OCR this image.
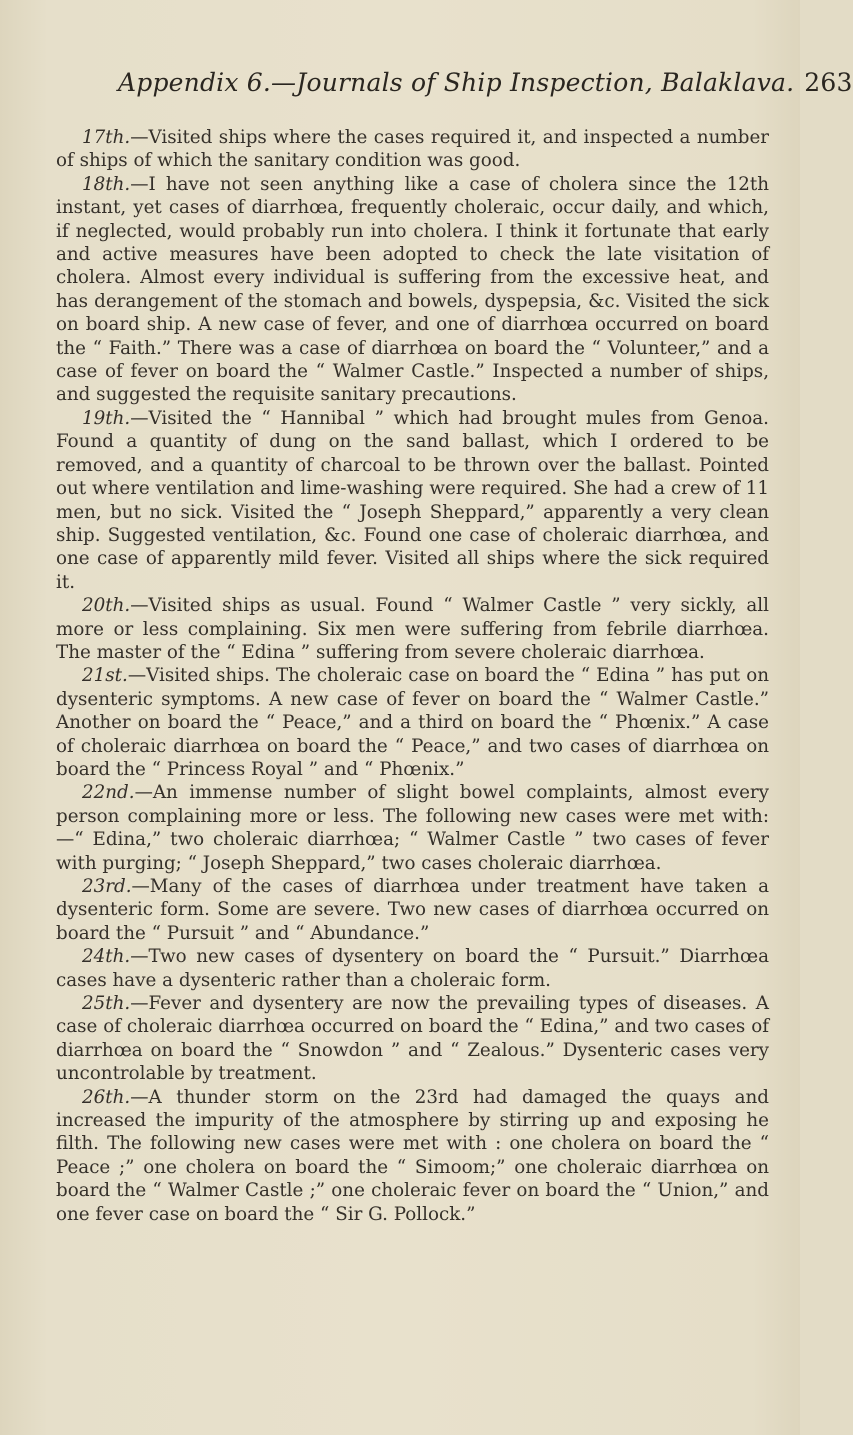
Appendix 6.—Journals of Ship Inspection, Balaklava. 263

17th.—Visited ships where the cases required it, and inspected a number of ships of which the sanitary condition was good.

18th.—I have not seen anything like a case of cholera since the 12th instant, yet cases of diarrhœa, frequently choleraic, occur daily, and which, if neglected, would probably run into cholera. I think it fortunate that early and active measures have been adopted to check the late visitation of cholera. Almost every individual is suffering from the excessive heat, and has derangement of the stomach and bowels, dyspepsia, &c. Visited the sick on board ship. A new case of fever, and one of diarrhœa occurred on board the “ Faith.” There was a case of diarrhœa on board the “ Volunteer,” and a case of fever on board the “ Walmer Castle.” Inspected a number of ships, and suggested the requisite sanitary precautions.

19th.—Visited the “ Hannibal ” which had brought mules from Genoa. Found a quantity of dung on the sand ballast, which I ordered to be removed, and a quantity of charcoal to be thrown over the ballast. Pointed out where ventilation and lime-washing were required. She had a crew of 11 men, but no sick. Visited the “ Joseph Sheppard,” apparently a very clean ship. Suggested ventilation, &c. Found one case of choleraic diarrhœa, and one case of apparently mild fever. Visited all ships where the sick required it.

20th.—Visited ships as usual. Found “ Walmer Castle ” very sickly, all more or less complaining. Six men were suffering from febrile diarrhœa. The master of the “ Edina ” suffering from severe choleraic diarrhœa.

21st.—Visited ships. The choleraic case on board the “ Edina ” has put on dysenteric symptoms. A new case of fever on board the “ Walmer Castle.” Another on board the “ Peace,” and a third on board the “ Phœnix.” A case of choleraic diarrhœa on board the “ Peace,” and two cases of diarrhœa on board the “ Princess Royal ” and “ Phœnix.”

22nd.—An immense number of slight bowel complaints, almost every person complaining more or less. The following new cases were met with:—“ Edina,” two choleraic diarrhœa; “ Walmer Castle ” two cases of fever with purging; “ Joseph Sheppard,” two cases choleraic diarrhœa.

23rd.—Many of the cases of diarrhœa under treatment have taken a dysenteric form. Some are severe. Two new cases of diarrhœa occurred on board the “ Pursuit ” and “ Abundance.”

24th.—Two new cases of dysentery on board the “ Pursuit.” Diarrhœa cases have a dysenteric rather than a choleraic form.

25th.—Fever and dysentery are now the prevailing types of diseases. A case of choleraic diarrhœa occurred on board the “ Edina,” and two cases of diarrhœa on board the “ Snowdon ” and “ Zealous.” Dysenteric cases very uncontrolable by treatment.

26th.—A thunder storm on the 23rd had damaged the quays and increased the impurity of the atmosphere by stirring up and exposing he filth. The following new cases were met with : one cholera on board the “ Peace ;” one cholera on board the “ Simoom;” one choleraic diarrhœa on board the “ Walmer Castle ;” one choleraic fever on board the “ Union,” and one fever case on board the “ Sir G. Pollock.”
